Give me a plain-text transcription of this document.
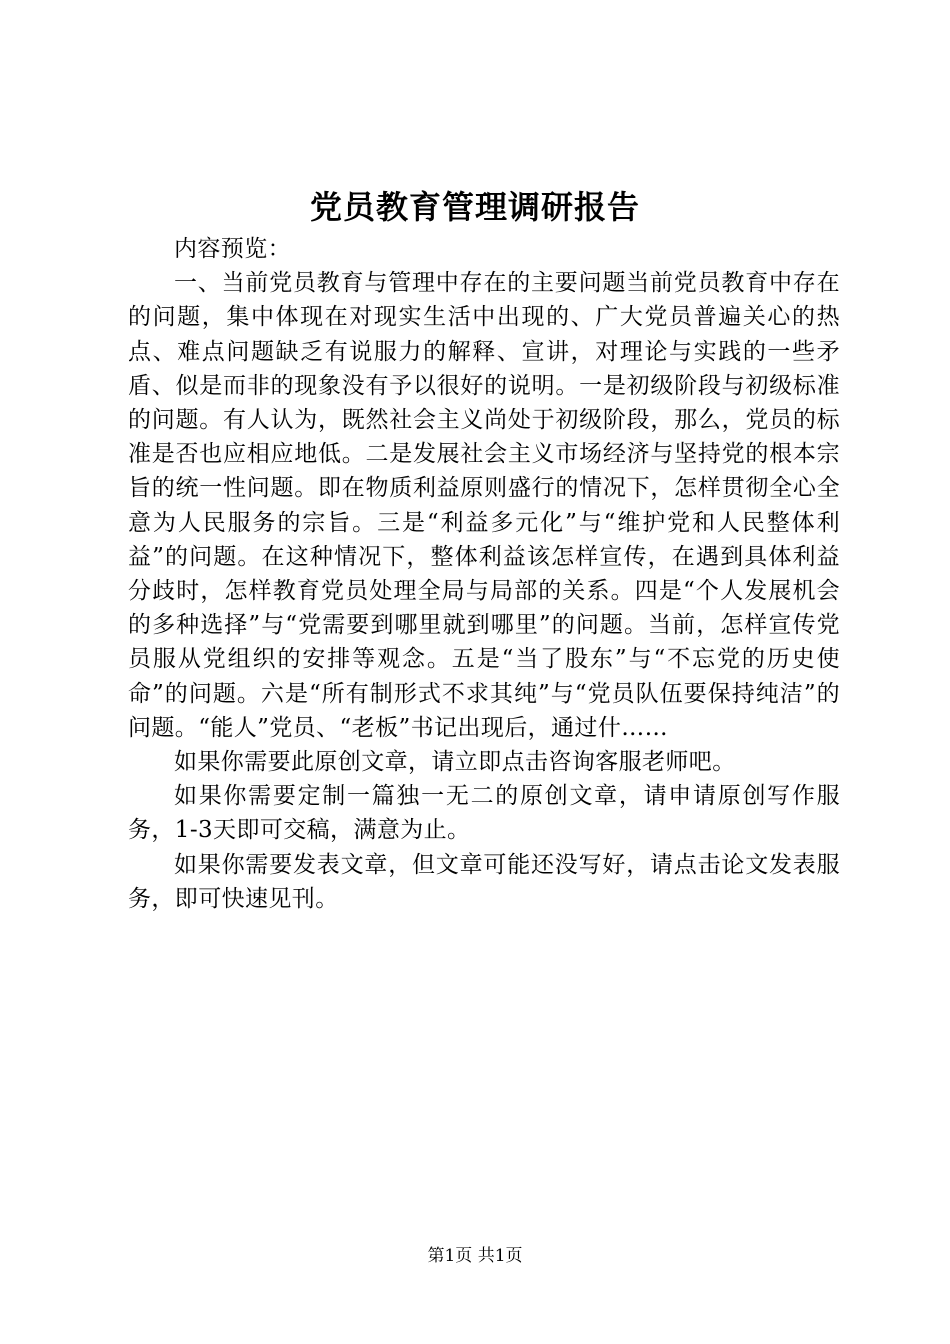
党员教育管理调研报告

内容预览：

一、当前党员教育与管理中存在的主要问题当前党员教育中存在的问题，集中体现在对现实生活中出现的、广大党员普遍关心的热点、难点问题缺乏有说服力的解释、宣讲，对理论与实践的一些矛盾、似是而非的现象没有予以很好的说明。一是初级阶段与初级标准的问题。有人认为，既然社会主义尚处于初级阶段，那么，党员的标准是否也应相应地低。二是发展社会主义市场经济与坚持党的根本宗旨的统一性问题。即在物质利益原则盛行的情况下，怎样贯彻全心全意为人民服务的宗旨。三是“利益多元化”与“维护党和人民整体利益”的问题。在这种情况下，整体利益该怎样宣传，在遇到具体利益分歧时，怎样教育党员处理全局与局部的关系。四是“个人发展机会的多种选择”与“党需要到哪里就到哪里”的问题。当前，怎样宣传党员服从党组织的安排等观念。五是“当了股东”与“不忘党的历史使命”的问题。六是“所有制形式不求其纯”与“党员队伍要保持纯洁”的问题。“能人”党员、“老板”书记出现后，通过什……

如果你需要此原创文章，请立即点击咨询客服老师吧。

如果你需要定制一篇独一无二的原创文章，请申请原创写作服务，1-3天即可交稿，满意为止。

如果你需要发表文章，但文章可能还没写好，请点击论文发表服务，即可快速见刊。

第1页 共1页
